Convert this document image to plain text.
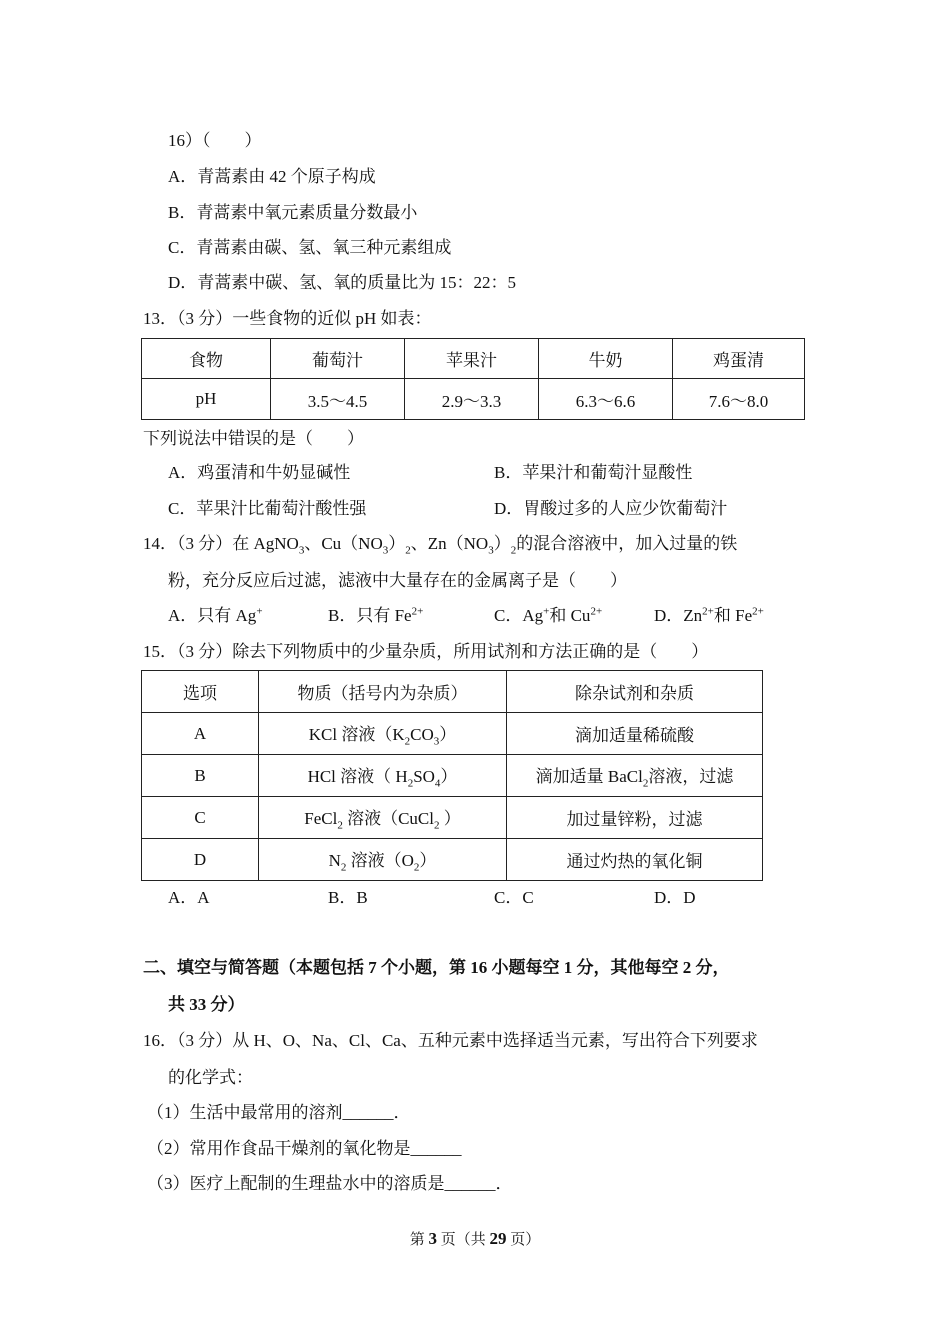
16）（　　）
A．青蒿素由 42 个原子构成
B．青蒿素中氧元素质量分数最小
C．青蒿素由碳、氢、氧三种元素组成
D．青蒿素中碳、氢、氧的质量比为 15：22：5
13．（3 分）一些食物的近似 pH 如表：
食物	葡萄汁	苹果汁	牛奶	鸡蛋清
pH	3.5～4.5	2.9～3.3	6.3～6.6	7.6～8.0
下列说法中错误的是（　　）
A．鸡蛋清和牛奶显碱性	B．苹果汁和葡萄汁显酸性
C．苹果汁比葡萄汁酸性强	D．胃酸过多的人应少饮葡萄汁
14．（3 分）在 AgNO$_3$、$Cu(NO_3)_2$、$Zn(NO_3)_2$的混合溶液中，加入过量的铁
粉，充分反应后过滤，滤液中大量存在的金属离子是（　　）
A．只有 Ag+	B．只有 $Fe^{2+}$	C．Ag+和 $Cu^{2+}$	D．$Zn^{2+}$和 $Fe^{2+}$
15．（3 分）除去下列物质中的少量杂质，所用试剂和方法正确的是（　　）
选项	物质（括号内为杂质）	除杂试剂和杂质
A	KCl 溶液$(K_2CO_3)$	滴加适量稀硫酸
B	HCl 溶液（ $H_2SO_4$）	滴加适量 BaCl$_2$溶液，过滤
C	FeCl$_2$ 溶液（CuCl$_2$ ）	加过量锌粉，过滤
D	$N_2$ 溶液$(O_2)$	通过灼热的氧化铜
A．A	B．B	C．C	D．D
二、填空与简答题（本题包括 7 个小题，第 16 小题每空 1 分，其他每空 2 分，
共 33 分）
16．（3 分）从 H、O、Na、Cl、Ca、五种元素中选择适当元素，写出符合下列要求
的化学式：
（1）生活中最常用的溶剂______．
（2）常用作食品干燥剂的氧化物是______
（3）医疗上配制的生理盐水中的溶质是______．
第 3 页（共 29 页）
